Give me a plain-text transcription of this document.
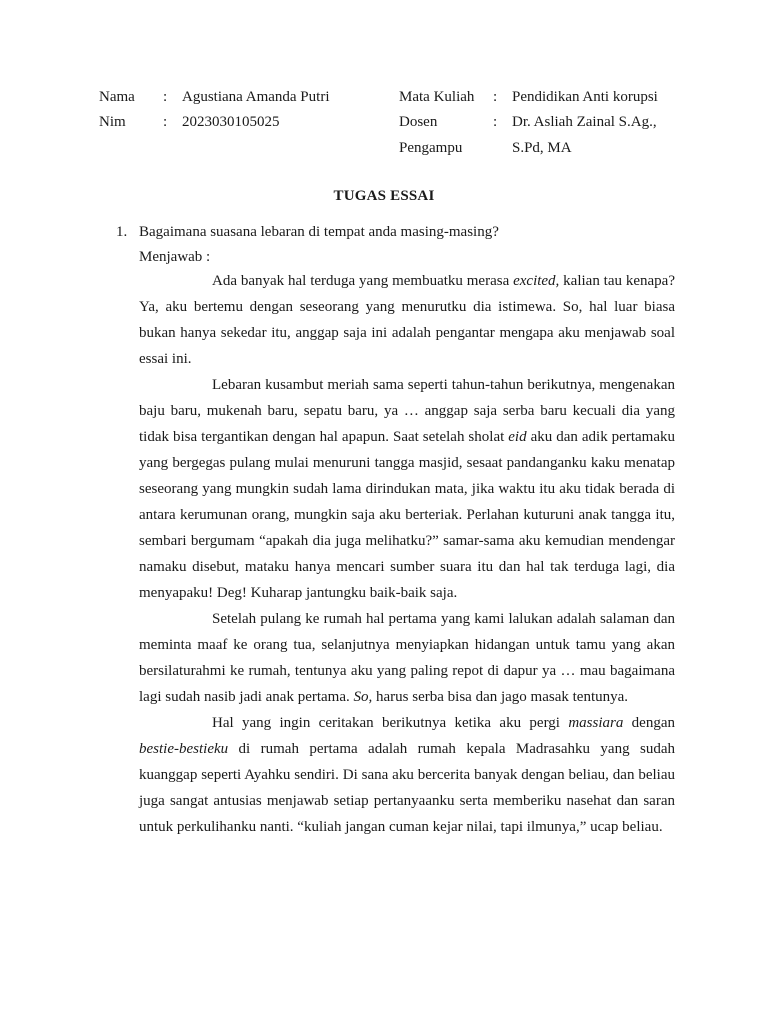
Nama : Agustiana Amanda Putri
Nim : 2023030105025
Mata Kuliah : Pendidikan Anti korupsi
Dosen	: Dr. Asliah Zainal S.Ag.,
Pengampu	S.Pd, MA
TUGAS ESSAI
1. Bagaimana suasana lebaran di tempat anda masing-masing?
Menjawab :

Ada banyak hal terduga yang membuatku merasa excited, kalian tau kenapa? Ya, aku bertemu dengan seseorang yang menurutku dia istimewa. So, hal luar biasa bukan hanya sekedar itu, anggap saja ini adalah pengantar mengapa aku menjawab soal essai ini.

Lebaran kusambut meriah sama seperti tahun-tahun berikutnya, mengenakan baju baru, mukenah baru, sepatu baru, ya … anggap saja serba baru kecuali dia yang tidak bisa tergantikan dengan hal apapun. Saat setelah sholat eid aku dan adik pertamaku yang bergegas pulang mulai menuruni tangga masjid, sesaat pandanganku kaku menatap seseorang yang mungkin sudah lama dirindukan mata, jika waktu itu aku tidak berada di antara kerumunan orang, mungkin saja aku berteriak. Perlahan kuturuni anak tangga itu, sembari bergumam “apakah dia juga melihatku?” samar-sama aku kemudian mendengar namaku disebut, mataku hanya mencari sumber suara itu dan hal tak terduga lagi, dia menyapaku! Deg! Kuharap jantungku baik-baik saja.

Setelah pulang ke rumah hal pertama yang kami lalukan adalah salaman dan meminta maaf ke orang tua, selanjutnya menyiapkan hidangan untuk tamu yang akan bersilaturahmi ke rumah, tentunya aku yang paling repot di dapur ya … mau bagaimana lagi sudah nasib jadi anak pertama. So, harus serba bisa dan jago masak tentunya.

Hal yang ingin ceritakan berikutnya ketika aku pergi massiara dengan bestie-bestieku di rumah pertama adalah rumah kepala Madrasahku yang sudah kuanggap seperti Ayahku sendiri. Di sana aku bercerita banyak dengan beliau, dan beliau juga sangat antusias menjawab setiap pertanyaanku serta memberiku nasehat dan saran untuk perkulihanku nanti. “kuliah jangan cuman kejar nilai, tapi ilmunya,” ucap beliau.
